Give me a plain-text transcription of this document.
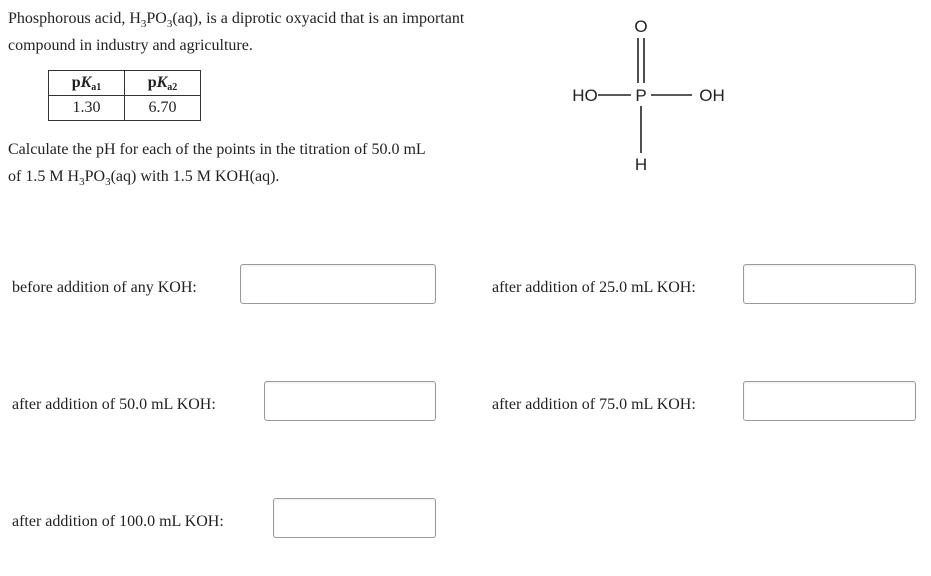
Phosphorous acid, $H_3PO_3(aq)$, is a diprotic oxyacid that is an important compound in industry and agriculture.
$pK_{a1}$	$pK_{a2}$
1.30	6.70
Calculate the pH for each of the points in the titration of 50.0 mL of 1.5 M $H_3PO_3(aq)$ with 1.5 M KOH(aq).
HO P	OH
O
H
before addition of any KOH:	after addition of 25.0 mL KOH:
after addition of 50.0 mL KOH:	after addition of 75.0 mL KOH:
after addition of 100.0 mL KOH:
